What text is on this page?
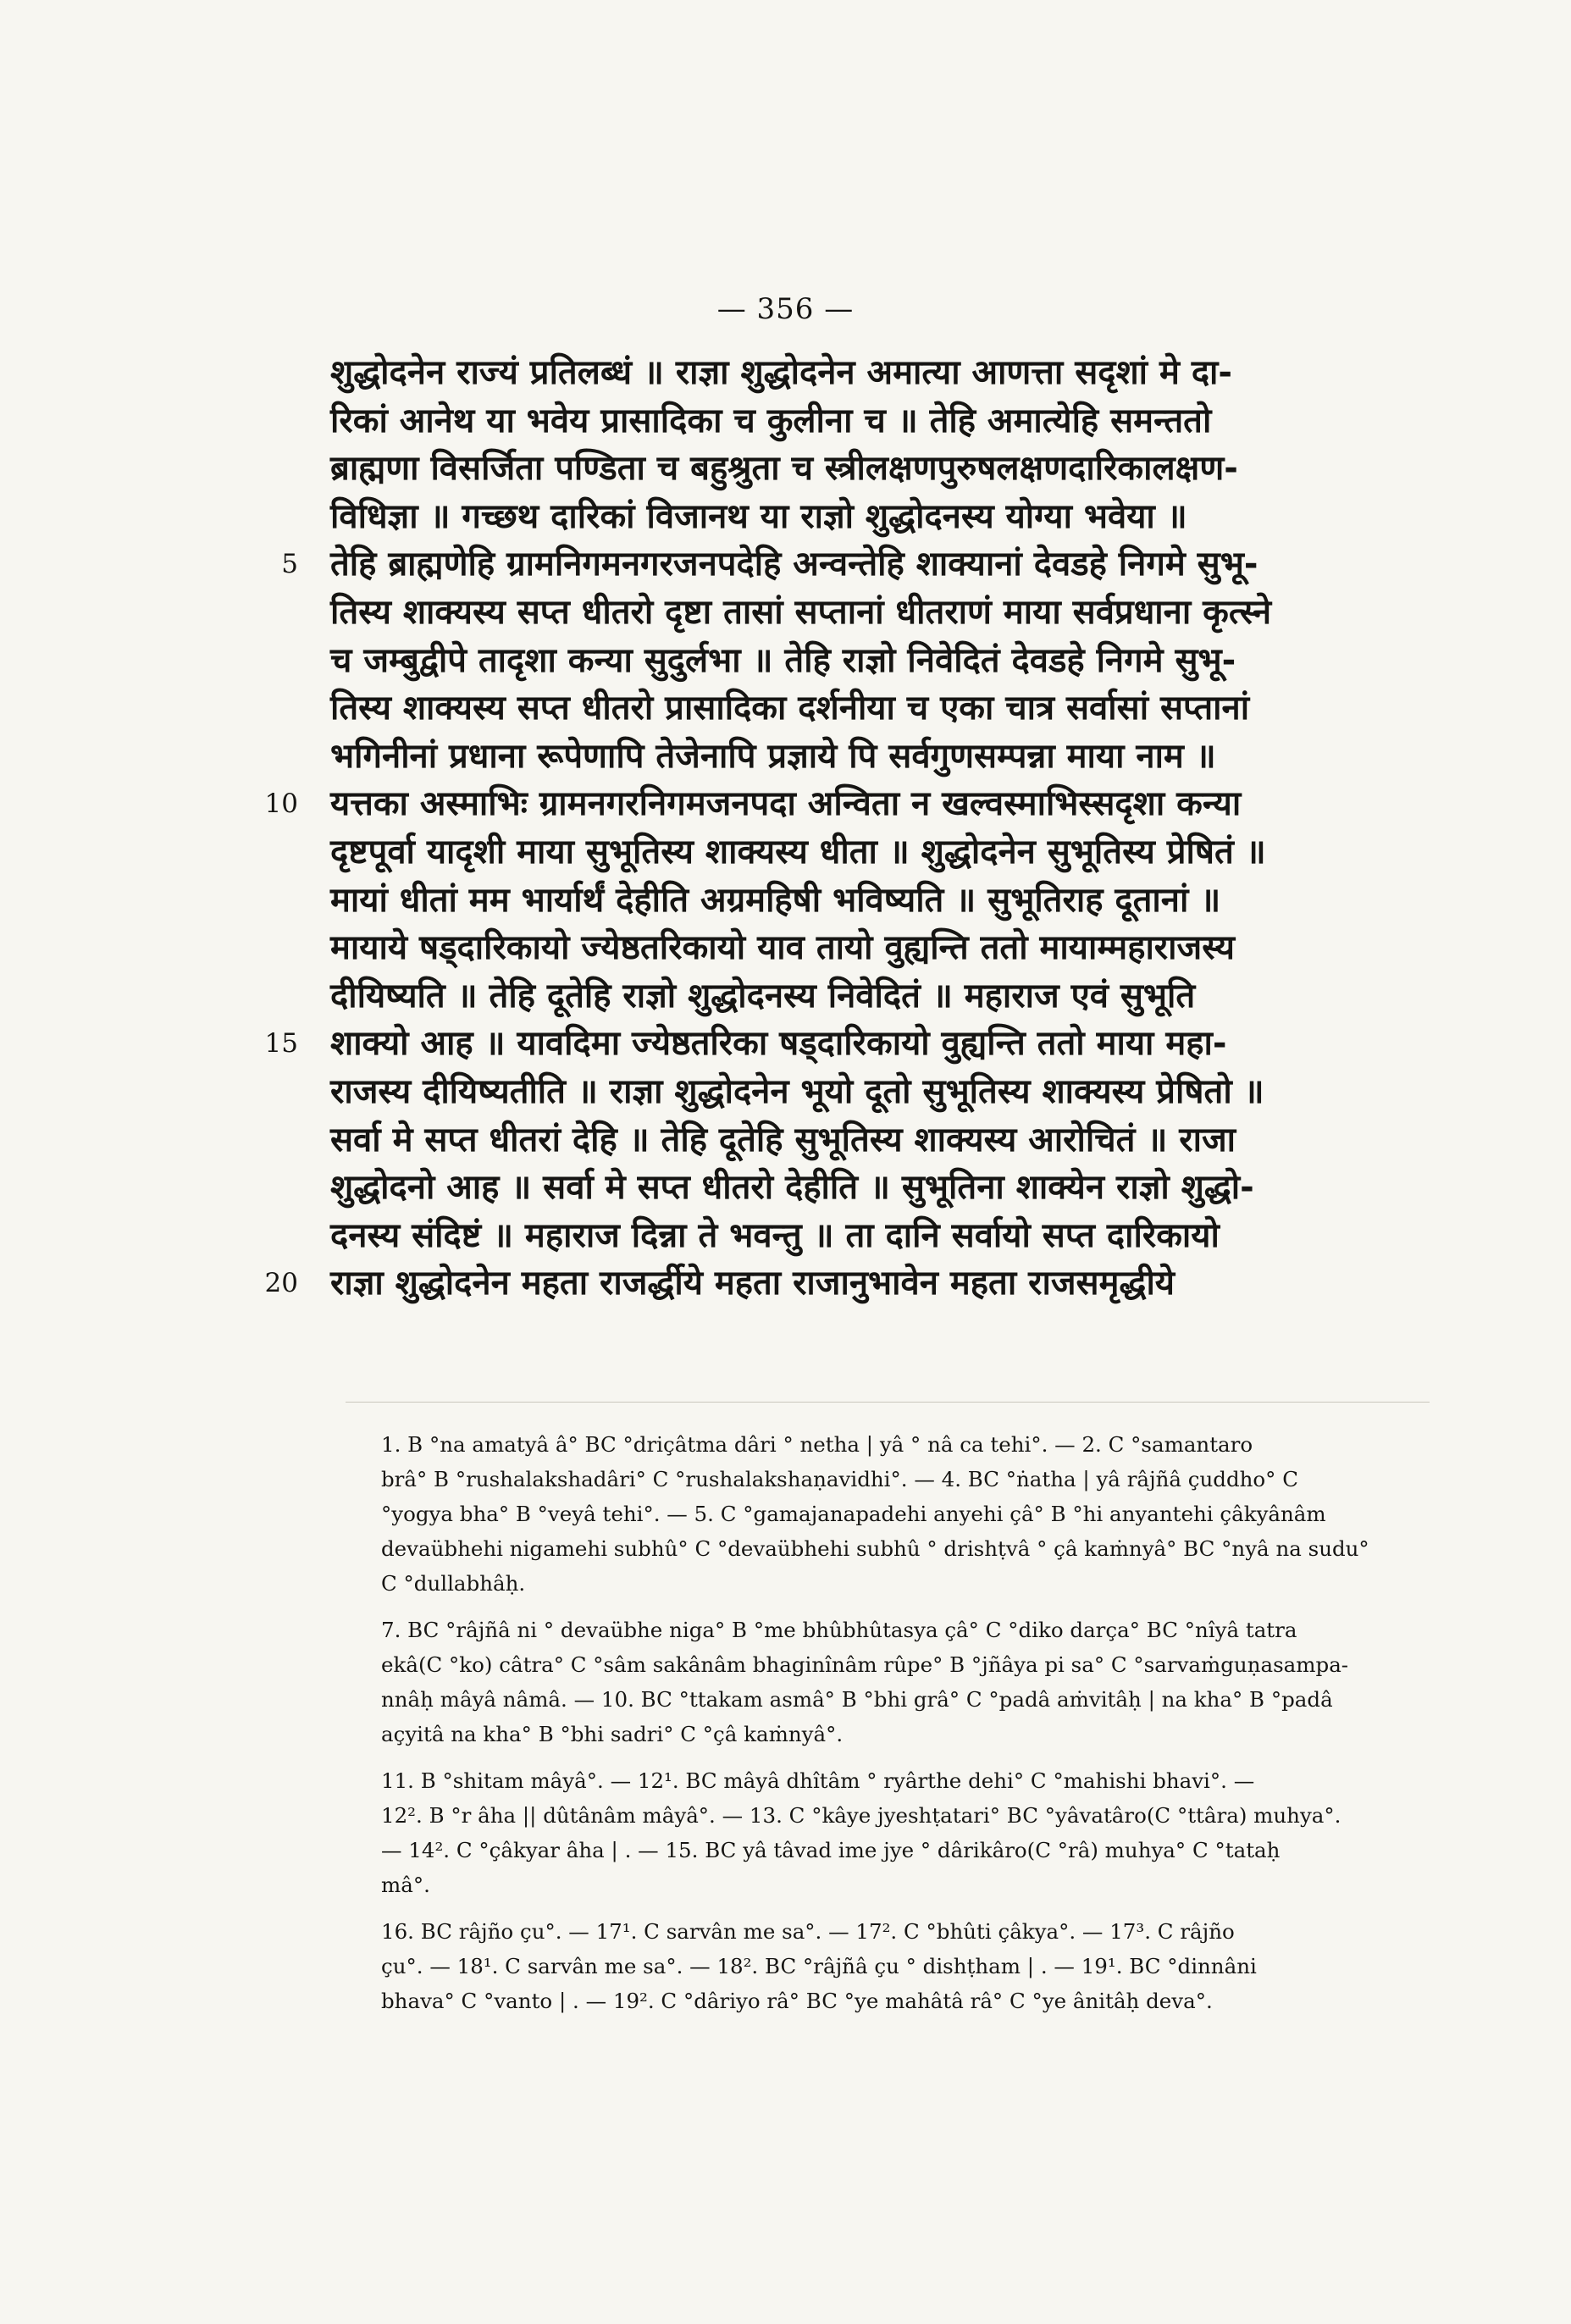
— 356 —
शुद्धोदनेन राज्यं प्रतिलब्धं ॥ राज्ञा शुद्धोदनेन अमात्या आणत्ता सदृशां मे दा-
रिकां आनेथ या भवेय प्रासादिका च कुलीना च ॥ तेहि अमात्येहि समन्ततो
ब्राह्मणा विसर्जिता पण्डिता च बहुश्रुता च स्त्रीलक्षणपुरुषलक्षणदारिकालक्षण-
विधिज्ञा ॥ गच्छथ दारिकां विजानथ या राज्ञो शुद्धोदनस्य योग्या भवेया ॥
5 तेहि ब्राह्मणेहि ग्रामनिगमनगरजनपदेहि अन्वन्तेहि शाक्यानां देवडहे निगमे सुभू-
तिस्य शाक्यस्य सप्त धीतरो दृष्टा तासां सप्तानां धीतराणं माया सर्वप्रधाना कृत्स्ने
च जम्बुद्वीपे तादृशा कन्या सुदुर्लभा ॥ तेहि राज्ञो निवेदितं देवडहे निगमे सुभू-
तिस्य शाक्यस्य सप्त धीतरो प्रासादिका दर्शनीया च एका चात्र सर्वासां सप्तानां
भगिनीनां प्रधाना रूपेणापि तेजेनापि प्रज्ञाये पि सर्वगुणसम्पन्ना माया नाम ॥
10 यत्तका अस्माभिः ग्रामनगरनिगमजनपदा अन्विता न खल्वस्माभिस्सदृशा कन्या
दृष्टपूर्वा यादृशी माया सुभूतिस्य शाक्यस्य धीता ॥ शुद्धोदनेन सुभूतिस्य प्रेषितं ॥
मायां धीतां मम भार्यार्थं देहीति अग्रमहिषी भविष्यति ॥ सुभूतिराह दूतानां ॥
मायाये षड्दारिकायो ज्येष्ठतरिकायो याव तायो वुह्यन्ति ततो मायाम्महाराजस्य
दीयिष्यति ॥ तेहि दूतेहि राज्ञो शुद्धोदनस्य निवेदितं ॥ महाराज एवं सुभूति
15 शाक्यो आह ॥ यावदिमा ज्येष्ठतरिका षड्दारिकायो वुह्यन्ति ततो माया महा-
राजस्य दीयिष्यतीति ॥ राज्ञा शुद्धोदनेन भूयो दूतो सुभूतिस्य शाक्यस्य प्रेषितो ॥
सर्वा मे सप्त धीतरां देहि ॥ तेहि दूतेहि सुभूतिस्य शाक्यस्य आरोचितं ॥ राजा
शुद्धोदनो आह ॥ सर्वा मे सप्त धीतरो देहीति ॥ सुभूतिना शाक्येन राज्ञो शुद्धो-
दनस्य संदिष्टं ॥ महाराज दिन्ना ते भवन्तु ॥ ता दानि सर्वायो सप्त दारिकायो
20 राज्ञा शुद्धोदनेन महता राजर्द्धीये महता राजानुभावेन महता राजसमृद्धीये
1. B °na amatyâ â° BC °driçâtma dâri ° netha | yâ ° nâ ca tehi°. — 2. C °samantaro
brâ° B °rushalakshadâri° C °rushalakshaṇavidhi°. — 4. BC °ṅatha | yâ râjñâ çuddho° C
°yogya bha° B °veyâ tehi°. — 5. C °gamajanapadehi anyehi çâ° B °hi anyantehi çâkyânâm
devaübhehi nigamehi subhû° C °devaübhehi subhû ° drishṭvâ ° çâ kaṁnyâ° BC °nyâ na sudu°
C °dullabhâḥ.
7. BC °râjñâ ni ° devaübhe niga° B °me bhûbhûtasya çâ° C °diko darça° BC °nîyâ tatra
ekâ(C °ko) câtra° C °sâm sakânâm bhaginînâm rûpe° B °jñâya pi sa° C °sarvaṁguṇasampa-
nnâḥ mâyâ nâmâ. — 10. BC °ttakam asmâ° B °bhi grâ° C °padâ aṁvitâḥ | na kha° B °padâ
açyitâ na kha° B °bhi sadri° C °çâ kaṁnyâ°.
11. B °shitam mâyâ°. — 12¹. BC mâyâ dhîtâm ° ryârthe dehi° C °mahishi bhavi°. —
12². B °r âha || dûtânâm mâyâ°. — 13. C °kâye jyeshṭatari° BC °yâvatâro(C °ttâra) muhya°.
— 14². C °çâkyar âha | . — 15. BC yâ tâvad ime jye ° dârikâro(C °râ) muhya° C °tataḥ
mâ°.
16. BC râjño çu°. — 17¹. C sarvân me sa°. — 17². C °bhûti çâkya°. — 17³. C râjño
çu°. — 18¹. C sarvân me sa°. — 18². BC °râjñâ çu ° dishṭham | . — 19¹. BC °dinnâni
bhava° C °vanto | . — 19². C °dâriyo râ° BC °ye mahâtâ râ° C °ye ânitâḥ deva°.
